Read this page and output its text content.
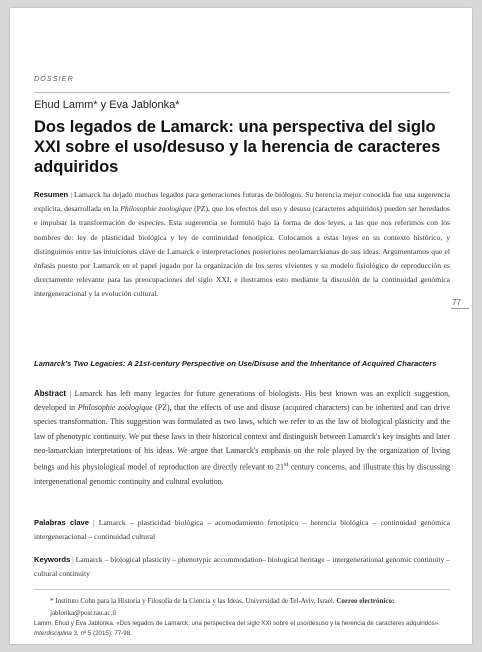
DOSSIER
Ehud Lamm* y Eva Jablonka*
Dos legados de Lamarck: una perspectiva del siglo XXI sobre el uso/desuso y la herencia de caracteres adquiridos
Resumen | Lamarck ha dejado muchos legados para generaciones futuras de biólogos. Su herencia mejor conocida fue una sugerencia explícita, desarrollada en la Philosophie zoologique (PZ), que los efectos del uso y desuso (caracteres adquiridos) pueden ser heredados e impulsar la transformación de especies. Esta sugerencia se formuló bajo la forma de dos leyes, a las que nos referimos con los nombres de: ley de plasticidad biológica y ley de continuidad fenotípica. Colocamos a estas leyes en su contexto histórico, y distinguimos entre las intuiciones clave de Lamarck e interpretaciones posteriores neolamarckianas de sus ideas. Argumentamos que el énfasis puesto por Lamarck en el papel jugado por la organización de los seres vivientes y su modelo fisiológico de reproducción es directamente relevante para las preocupaciones del siglo XXI, e ilustramos esto mediante la discusión de la continuidad genómica intergeneracional y la evolución cultural.
77
Lamarck's Two Legacies: A 21st-century Perspective on Use/Disuse and the Inheritance of Acquired Characters
Abstract | Lamarck has left many legacies for future generations of biologists. His best known was an explicit suggestion, developed in Philosophie zoologique (PZ), that the effects of use and disuse (acquired characters) can be inherited and can drive species transformation. This suggestion was formulated as two laws, which we refer to as the law of biological plasticity and the law of phenotypic continuity. We put these laws in their historical context and distinguish between Lamarck's key insights and later neo-lamarckian interpretations of his ideas. We argue that Lamarck's emphasis on the role played by the organization of living beings and his physiological model of reproduction are directly relevant to 21st century concerns, and illustrate this by discussing intergenerational genomic continuity and cultural evolution.
Palabras clave | Lamarck – plasticidad biológica – acomodamiento fenotípico – herencia biológica – continuidad genómica intergeneracional – continuidad cultural
Keywords | Lamarck – biological plasticity – phenotypic accommodation– biological heritage – intergenerational genomic continuity – cultural continuity
* Instituto Cohn para la Historia y Filosofía de la Ciencia y las Ideas. Universidad de Tel-Aviv, Israel. Correo electrónico: jablonka@post.tau.ac.il
Lamm, Ehud y Eva Jablonka. «Dos legados de Lamarck: una perspectiva del siglo XXI sobre el uso/desuso y la herencia de caracteres adquiridos». Interdisciplina 3, nº 5 (2015): 77-98.
